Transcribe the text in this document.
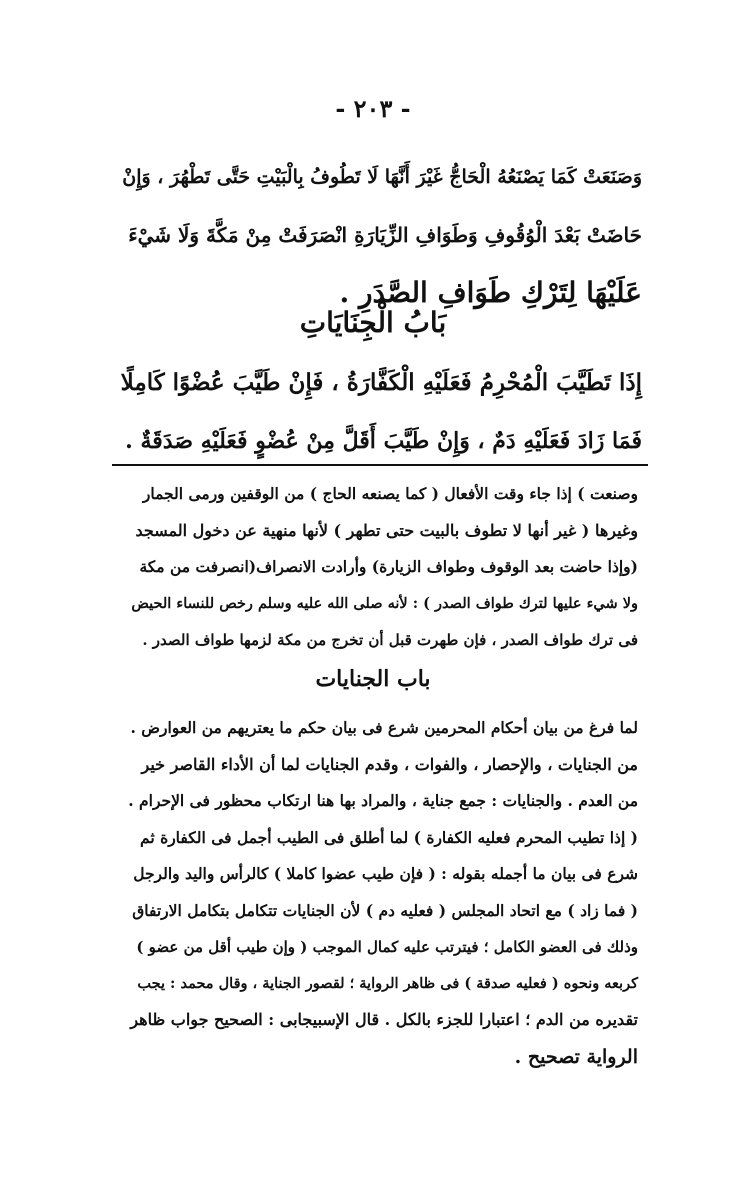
- ٢٠٣ -
وَصَنَعَتْ كَمَا يَصْنَعُهُ الْحَاجُّ غَيْرَ أَنَّهَا لَا تَطُوفُ بِالْبَيْتِ حَتَّى تَطْهُرَ ، وَإِنْ
حَاضَتْ بَعْدَ الْوُقُوفِ وَطَوَافِ الزِّيَارَةِ انْصَرَفَتْ مِنْ مَكَّةَ وَلَا شَيْءَ
عَلَيْهَا لِتَرْكِ طَوَافِ الصَّدَرِ .
بَابُ الْجِنَايَاتِ
إِذَا تَطَيَّبَ الْمُحْرِمُ فَعَلَيْهِ الْكَفَّارَةُ ، فَإِنْ طَيَّبَ عُضْوًا كَامِلًا
فَمَا زَادَ فَعَلَيْهِ دَمٌ ، وَإِنْ طَيَّبَ أَقَلَّ مِنْ عُضْوٍ فَعَلَيْهِ صَدَقَةٌ .
وصنعت ) إذا جاء وقت الأفعال ( كما يصنعه الحاج ) من الوقفين ورمى الجمار
وغيرها ( غير أنها لا تطوف بالبيت حتى تطهر ) لأنها منهية عن دخول المسجد
(وإذا حاضت بعد الوقوف وطواف الزيارة) وأرادت الانصراف(انصرفت من مكة
ولا شيء عليها لترك طواف الصدر ) : لأنه صلى الله عليه وسلم رخص للنساء الحيض
فى ترك طواف الصدر ، فإن طهرت قبل أن تخرج من مكة لزمها طواف الصدر .
باب الجنايات
لما فرغ من بيان أحكام المحرمين شرع فى بيان حكم ما يعتريهم من العوارض .
من الجنايات ، والإحصار ، والفوات ، وقدم الجنايات لما أن الأداء القاصر خير
من العدم . والجنايات : جمع جناية ، والمراد بها هنا ارتكاب محظور فى الإحرام .
( إذا تطيب المحرم فعليه الكفارة ) لما أطلق فى الطيب أجمل فى الكفارة ثم
شرع فى بيان ما أجمله بقوله : ( فإن طيب عضوا كاملا ) كالرأس واليد والرجل
( فما زاد ) مع اتحاد المجلس ( فعليه دم ) لأن الجنايات تتكامل بتكامل الارتفاق
وذلك فى العضو الكامل ؛ فيترتب عليه كمال الموجب ( وإن طيب أقل من عضو )
كربعه ونحوه ( فعليه صدقة ) فى ظاهر الرواية ؛ لقصور الجناية ، وقال محمد : يجب
تقديره من الدم ؛ اعتبارا للجزء بالكل . قال الإسبيجابى : الصحيح جواب ظاهر
الرواية تصحيح .
